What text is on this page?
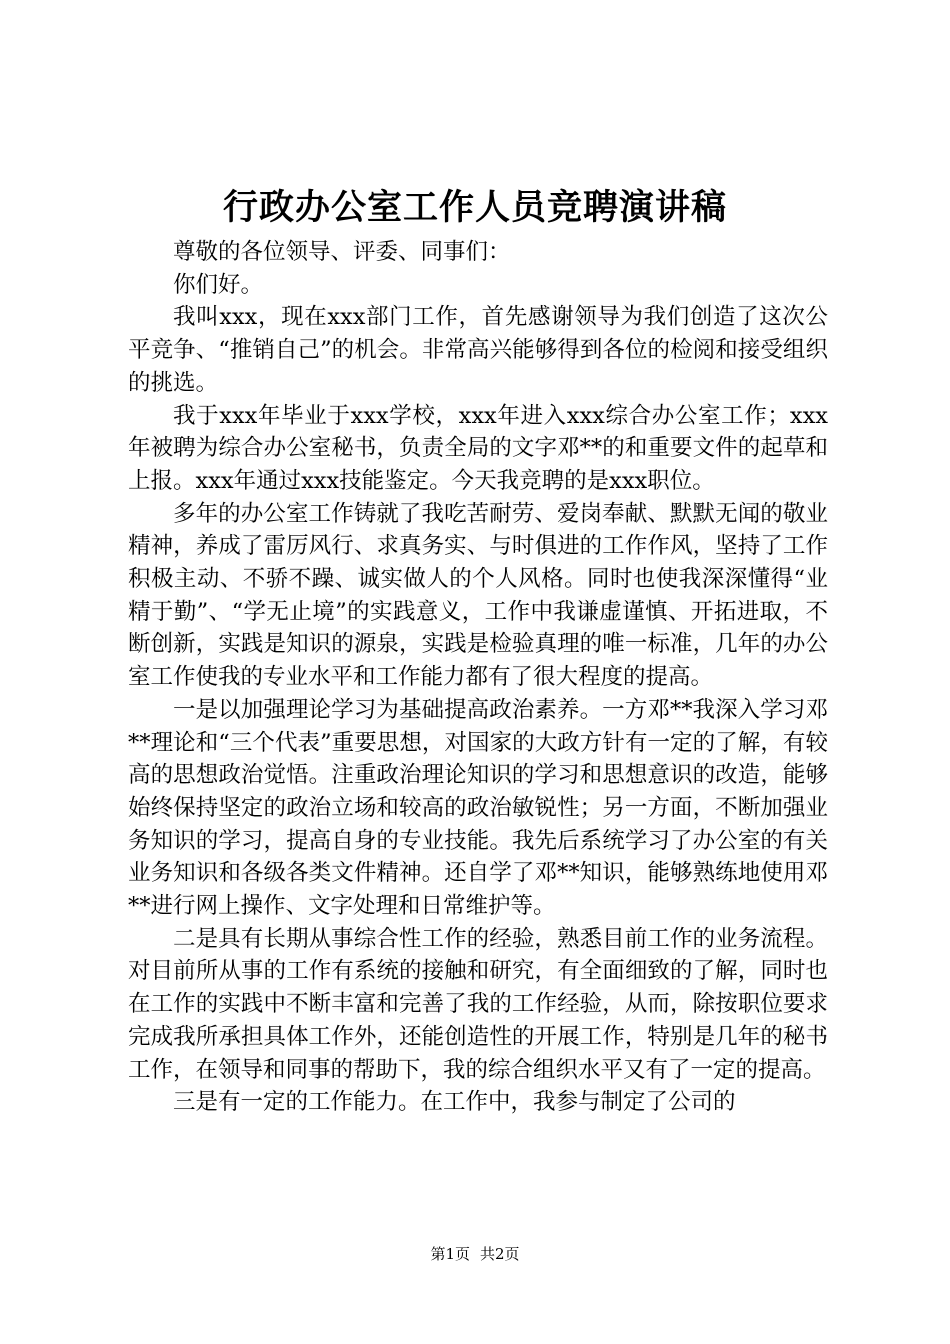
行政办公室工作人员竞聘演讲稿

尊敬的各位领导、评委、同事们：

你们好。

我叫xxx，现在xxx部门工作，首先感谢领导为我们创造了这次公平竞争、“推销自己”的机会。非常高兴能够得到各位的检阅和接受组织的挑选。

我于xxx年毕业于xxx学校，xxx年进入xxx综合办公室工作；xxx年被聘为综合办公室秘书，负责全局的文字邓**的和重要文件的起草和上报。xxx年通过xxx技能鉴定。今天我竞聘的是xxx职位。

多年的办公室工作铸就了我吃苦耐劳、爱岗奉献、默默无闻的敬业精神，养成了雷厉风行、求真务实、与时俱进的工作作风，坚持了工作积极主动、不骄不躁、诚实做人的个人风格。同时也使我深深懂得“业精于勤”、“学无止境”的实践意义，工作中我谦虚谨慎、开拓进取，不断创新，实践是知识的源泉，实践是检验真理的唯一标准，几年的办公室工作使我的专业水平和工作能力都有了很大程度的提高。

一是以加强理论学习为基础提高政治素养。一方邓**我深入学习邓**理论和“三个代表”重要思想，对国家的大政方针有一定的了解，有较高的思想政治觉悟。注重政治理论知识的学习和思想意识的改造，能够始终保持坚定的政治立场和较高的政治敏锐性；另一方面，不断加强业务知识的学习，提高自身的专业技能。我先后系统学习了办公室的有关业务知识和各级各类文件精神。还自学了邓**知识，能够熟练地使用邓**进行网上操作、文字处理和日常维护等。

二是具有长期从事综合性工作的经验，熟悉目前工作的业务流程。对目前所从事的工作有系统的接触和研究，有全面细致的了解，同时也在工作的实践中不断丰富和完善了我的工作经验，从而，除按职位要求完成我所承担具体工作外，还能创造性的开展工作，特别是几年的秘书工作，在领导和同事的帮助下，我的综合组织水平又有了一定的提高。

三是有一定的工作能力。在工作中，我参与制定了公司的

第1页 共2页
